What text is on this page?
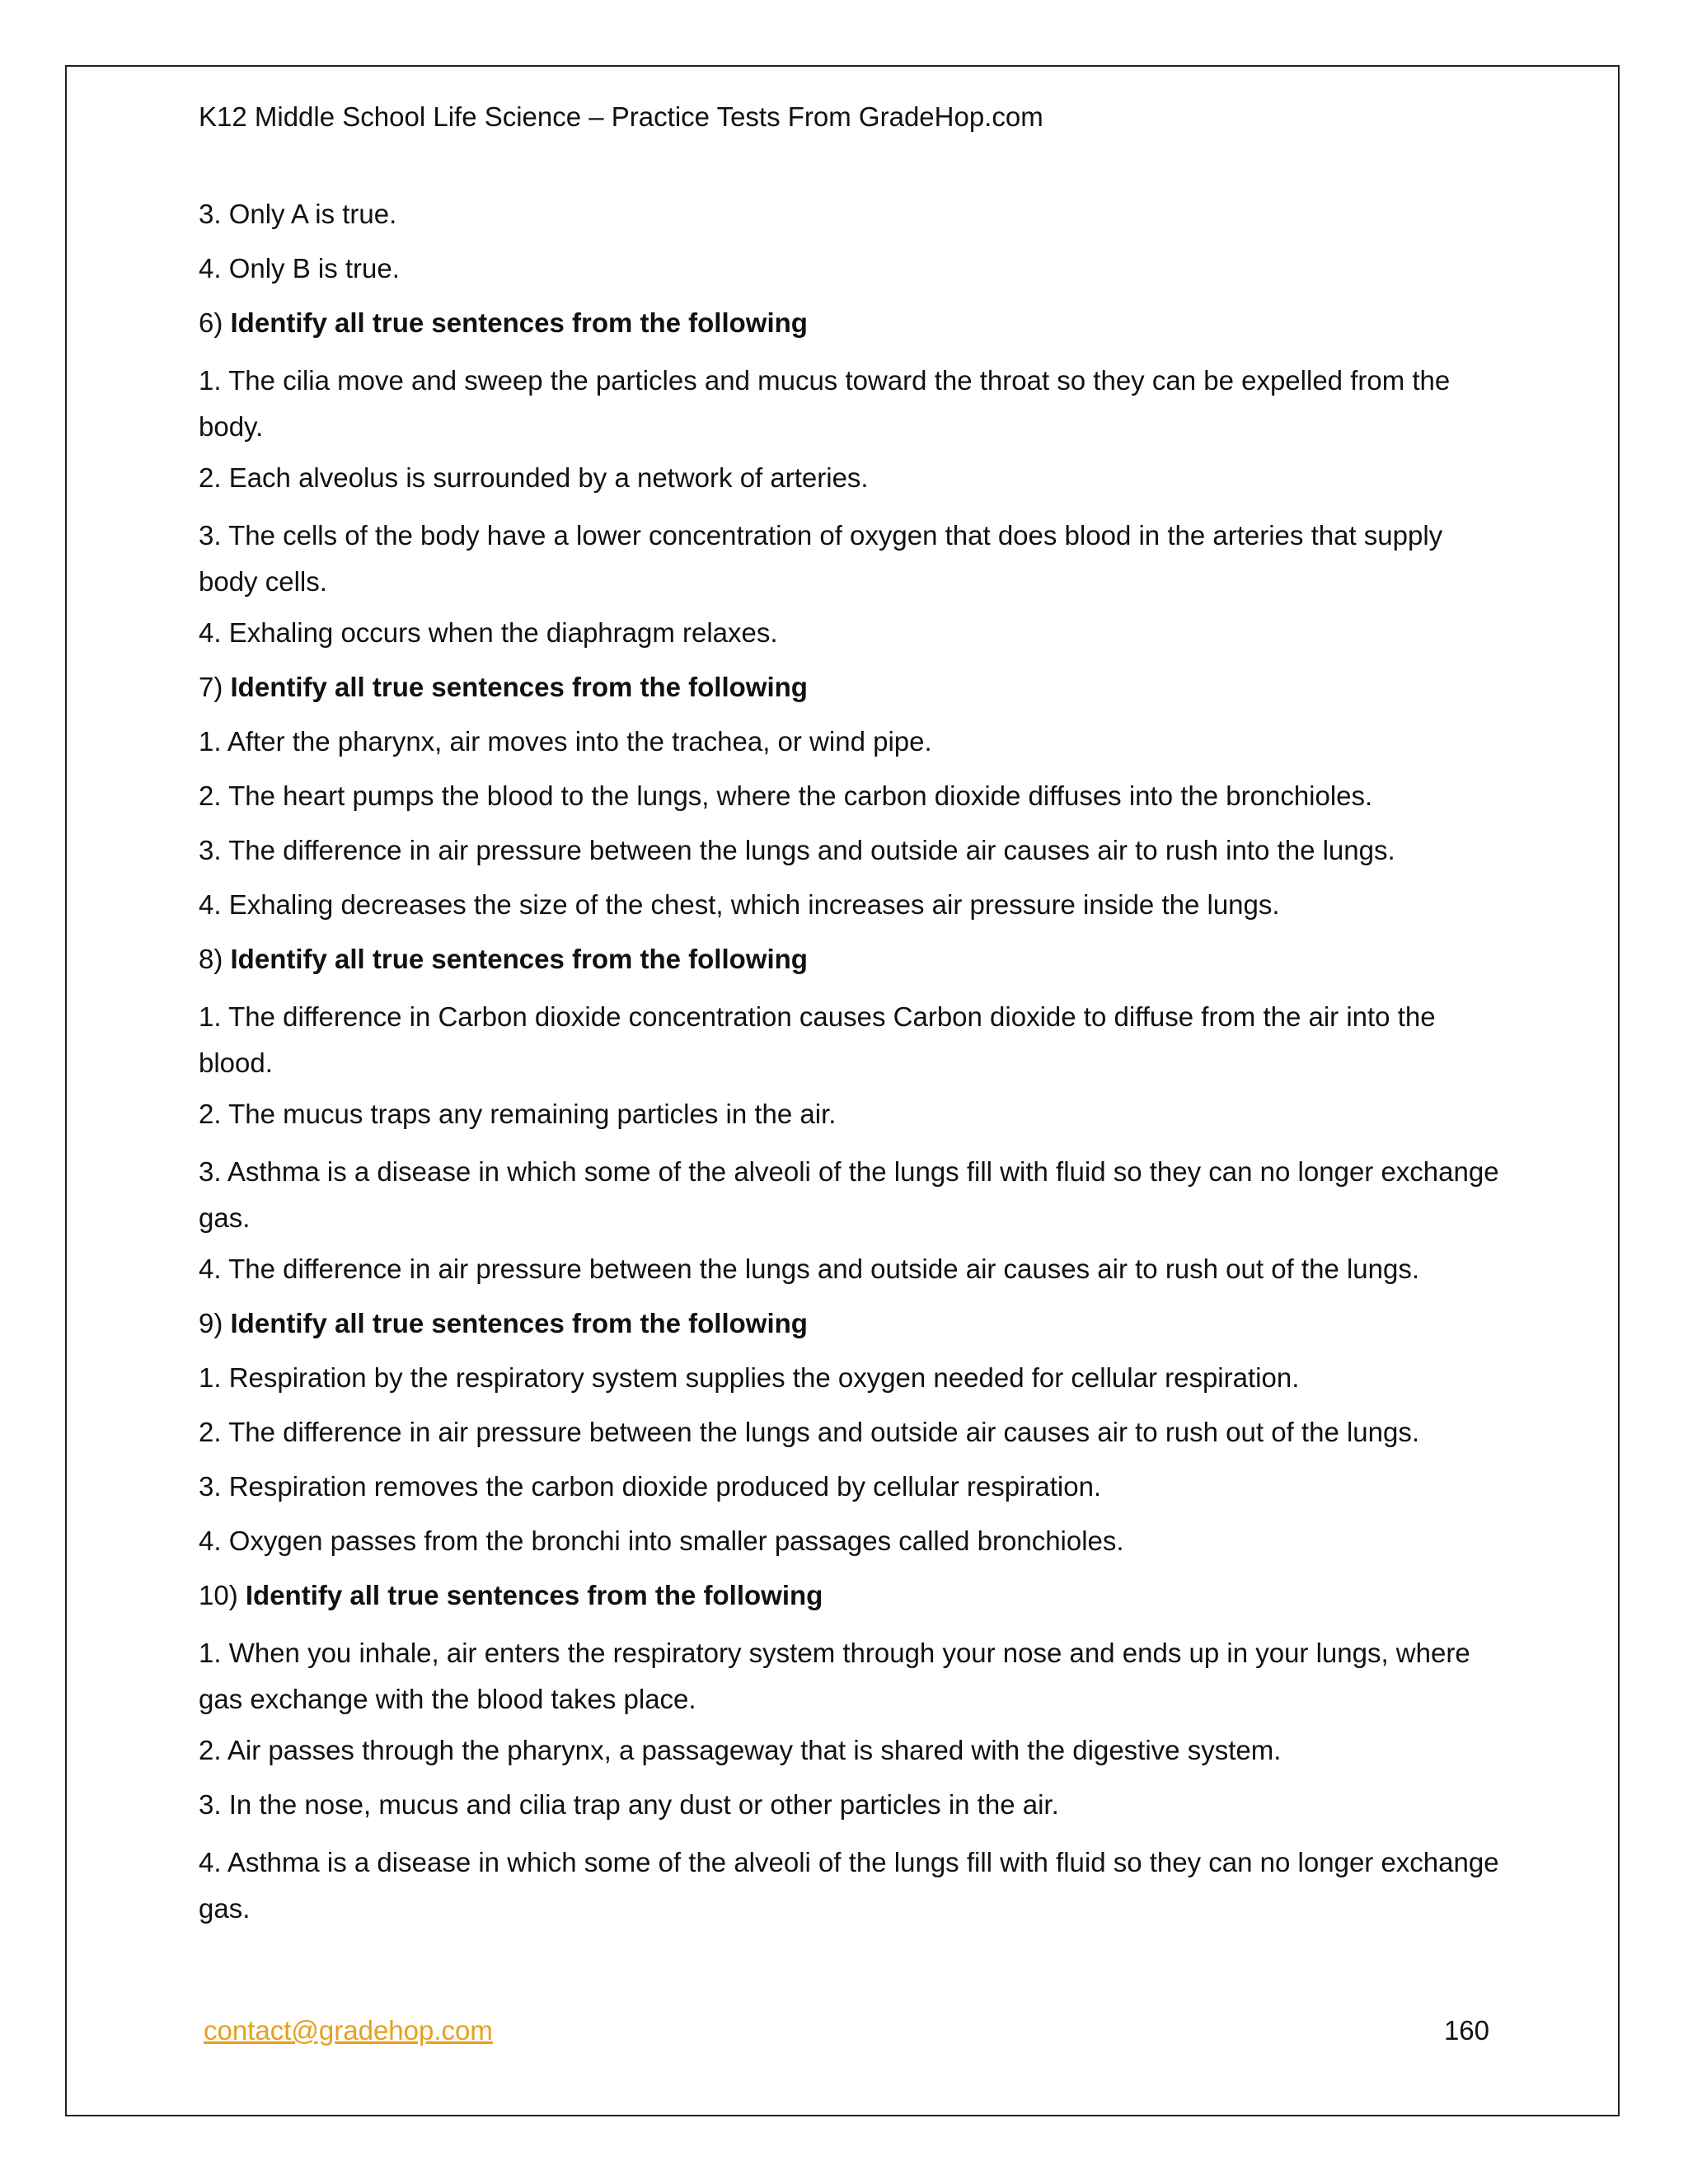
K12 Middle School Life Science – Practice Tests From GradeHop.com
3. Only A is true.
4. Only B is true.
6) Identify all true sentences from the following
1. The cilia move and sweep the particles and mucus toward the throat so they can be expelled from the body.
2. Each alveolus is surrounded by a network of arteries.
3. The cells of the body have a lower concentration of oxygen that does blood in the arteries that supply body cells.
4. Exhaling occurs when the diaphragm relaxes.
7) Identify all true sentences from the following
1. After the pharynx, air moves into the trachea, or wind pipe.
2. The heart pumps the blood to the lungs, where the carbon dioxide diffuses into the bronchioles.
3. The difference in air pressure between the lungs and outside air causes air to rush into the lungs.
4. Exhaling decreases the size of the chest, which increases air pressure inside the lungs.
8) Identify all true sentences from the following
1. The difference in Carbon dioxide concentration causes Carbon dioxide to diffuse from the air into the blood.
2. The mucus traps any remaining particles in the air.
3. Asthma is a disease in which some of the alveoli of the lungs fill with fluid so they can no longer exchange gas.
4. The difference in air pressure between the lungs and outside air causes air to rush out of the lungs.
9) Identify all true sentences from the following
1. Respiration by the respiratory system supplies the oxygen needed for cellular respiration.
2. The difference in air pressure between the lungs and outside air causes air to rush out of the lungs.
3. Respiration removes the carbon dioxide produced by cellular respiration.
4. Oxygen passes from the bronchi into smaller passages called bronchioles.
10) Identify all true sentences from the following
1. When you inhale, air enters the respiratory system through your nose and ends up in your lungs, where gas exchange with the blood takes place.
2. Air passes through the pharynx, a passageway that is shared with the digestive system.
3. In the nose, mucus and cilia trap any dust or other particles in the air.
4. Asthma is a disease in which some of the alveoli of the lungs fill with fluid so they can no longer exchange gas.
contact@gradehop.com	160
